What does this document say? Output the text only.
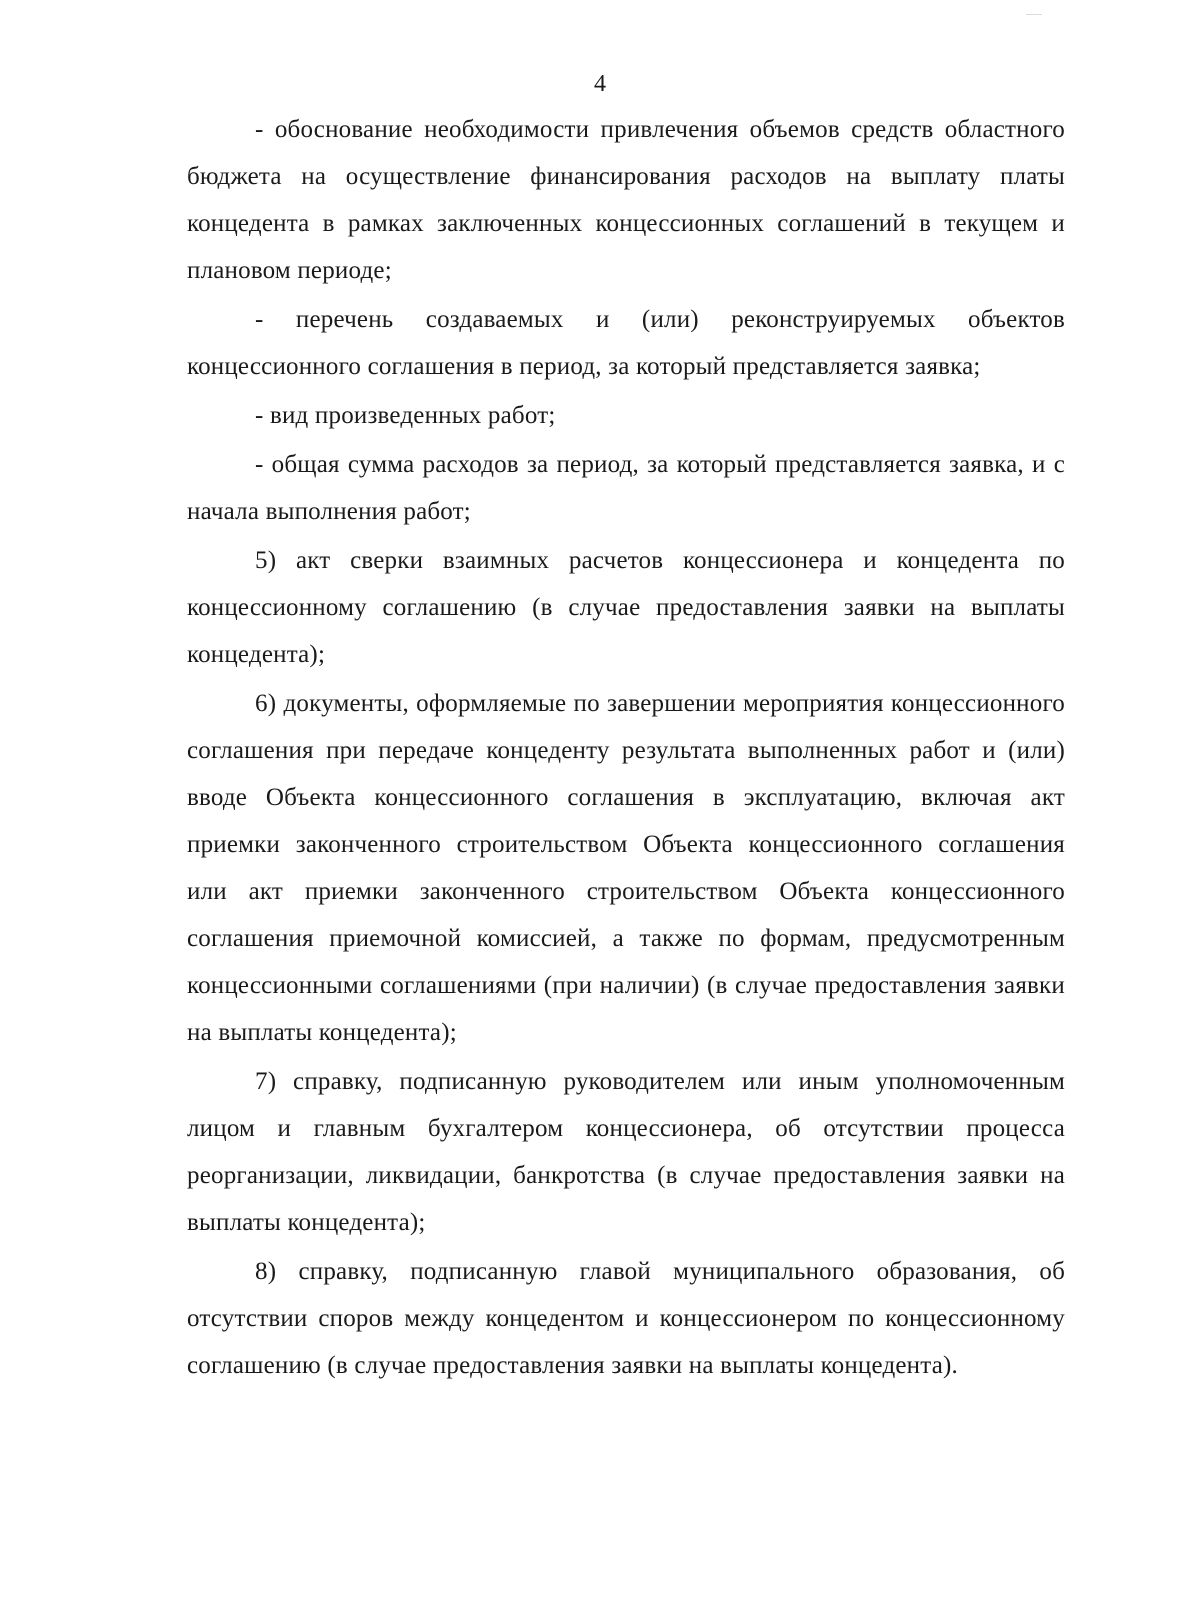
4

- обоснование необходимости привлечения объемов средств областного бюджета на осуществление финансирования расходов на выплату платы концедента в рамках заключенных концессионных соглашений в текущем и плановом периоде;

- перечень создаваемых и (или) реконструируемых объектов концессионного соглашения в период, за который представляется заявка;

- вид произведенных работ;

- общая сумма расходов за период, за который представляется заявка, и с начала выполнения работ;

5) акт сверки взаимных расчетов концессионера и концедента по концессионному соглашению (в случае предоставления заявки на выплаты концедента);

6) документы, оформляемые по завершении мероприятия концессионного соглашения при передаче концеденту результата выполненных работ и (или) вводе Объекта концессионного соглашения в эксплуатацию, включая акт приемки законченного строительством Объекта концессионного соглашения или акт приемки законченного строительством Объекта концессионного соглашения приемочной комиссией, а также по формам, предусмотренным концессионными соглашениями (при наличии) (в случае предоставления заявки на выплаты концедента);

7) справку, подписанную руководителем или иным уполномоченным лицом и главным бухгалтером концессионера, об отсутствии процесса реорганизации, ликвидации, банкротства (в случае предоставления заявки на выплаты концедента);

8) справку, подписанную главой муниципального образования, об отсутствии споров между концедентом и концессионером по концессионному соглашению (в случае предоставления заявки на выплаты концедента).
